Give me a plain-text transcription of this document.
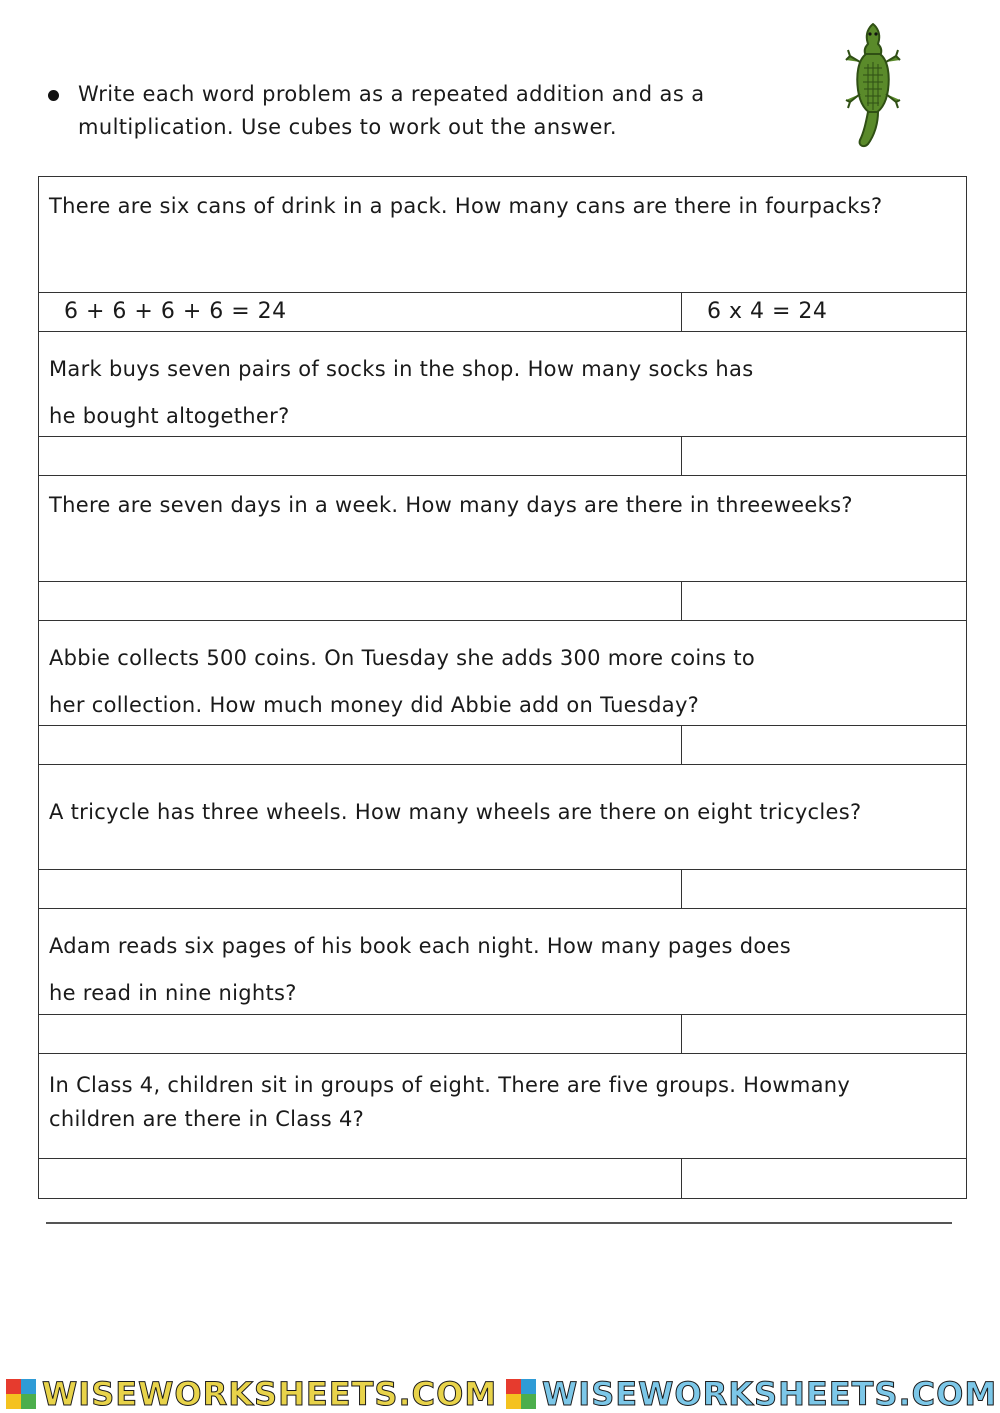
Write each word problem as a repeated addition and as a multiplication. Use cubes to work out the answer.
There are six cans of drink in a pack. How many cans are there in fourpacks?
6 + 6 + 6 + 6 = 24	6 x 4 = 24
Mark buys seven pairs of socks in the shop. How many socks has he bought altogether?
There are seven days in a week. How many days are there in threeweeks?
Abbie collects 500 coins. On Tuesday she adds 300 more coins to her collection. How much money did Abbie add on Tuesday?
A tricycle has three wheels. How many wheels are there on eight tricycles?
Adam reads six pages of his book each night. How many pages does he read in nine nights?
In Class 4, children sit in groups of eight. There are five groups. Howmany children are there in Class 4?
WISEWORKSHEETS.COM WISEWORKSHEETS.COM
